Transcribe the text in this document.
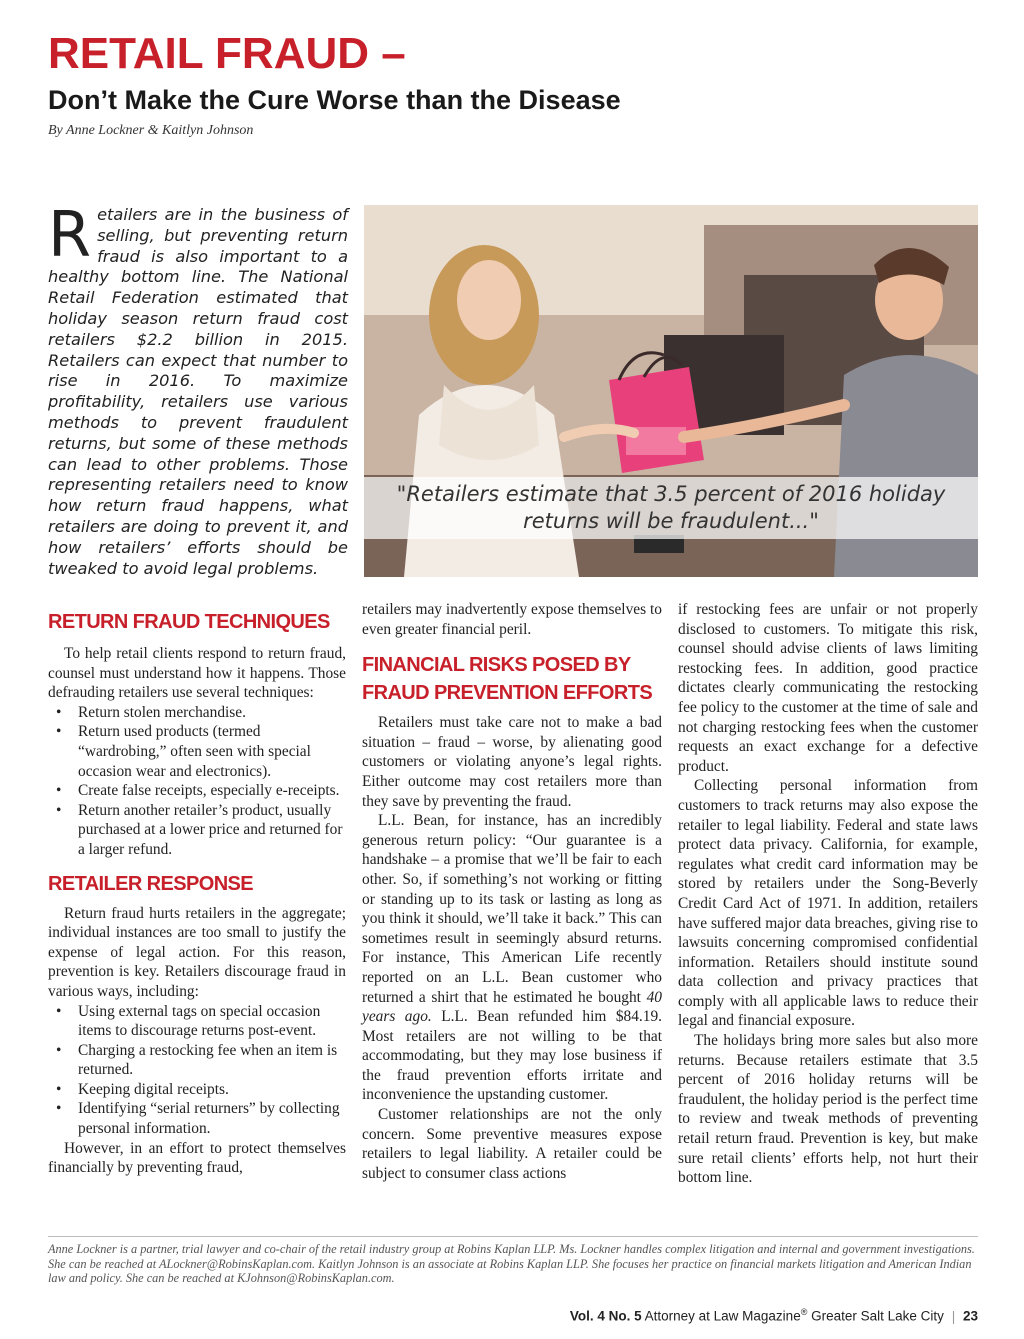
RETAIL FRAUD –
Don’t Make the Cure Worse than the Disease
By Anne Lockner & Kaitlyn Johnson
Retailers are in the business of selling, but preventing return fraud is also important to a healthy bottom line. The National Retail Federation estimated that holiday season return fraud cost retailers $2.2 billion in 2015. Retailers can expect that number to rise in 2016. To maximize profitability, retailers use various methods to prevent fraudulent returns, but some of these methods can lead to other problems. Those representing retailers need to know how return fraud happens, what retailers are doing to prevent it, and how retailers’ efforts should be tweaked to avoid legal problems.
"Retailers estimate that 3.5 percent of 2016 holiday returns will be fraudulent..."
RETURN FRAUD TECHNIQUES

To help retail clients respond to return fraud, counsel must understand how it happens. Those defrauding retailers use several techniques:

• Return stolen merchandise.
• Return used products (termed “wardrobing,” often seen with special occasion wear and electronics).
• Create false receipts, especially e-receipts.
• Return another retailer’s product, usually purchased at a lower price and returned for a larger refund.
RETAILER RESPONSE

Return fraud hurts retailers in the aggregate; individual instances are too small to justify the expense of legal action. For this reason, prevention is key. Retailers discourage fraud in various ways, including:

• Using external tags on special occasion items to discourage returns post-event.
• Charging a restocking fee when an item is returned.
• Keeping digital receipts.
• Identifying “serial returners” by collecting personal information.

However, in an effort to protect themselves financially by preventing fraud,

retailers may inadvertently expose themselves to even greater financial peril.

FINANCIAL RISKS POSED BY FRAUD PREVENTION EFFORTS

Retailers must take care not to make a bad situation – fraud – worse, by alienating good customers or violating anyone’s legal rights. Either outcome may cost retailers more than they save by preventing the fraud.

L.L. Bean, for instance, has an incredibly generous return policy: “Our guarantee is a handshake – a promise that we’ll be fair to each other. So, if something’s not working or fitting or standing up to its task or lasting as long as you think it should, we’ll take it back.” This can sometimes result in seemingly absurd returns. For instance, This American Life recently reported on an L.L. Bean customer who returned a shirt that he estimated he bought 40 years ago. L.L. Bean refunded him $84.19. Most retailers are not willing to be that accommodating, but they may lose business if the fraud prevention efforts irritate and inconvenience the upstanding customer.

Customer relationships are not the only concern. Some preventive measures expose retailers to legal liability. A retailer could be subject to consumer class actions

if restocking fees are unfair or not properly disclosed to customers. To mitigate this risk, counsel should advise clients of laws limiting restocking fees. In addition, good practice dictates clearly communicating the restocking fee policy to the customer at the time of sale and not charging restocking fees when the customer requests an exact exchange for a defective product.

Collecting personal information from customers to track returns may also expose the retailer to legal liability. Federal and state laws protect data privacy. California, for example, regulates what credit card information may be stored by retailers under the Song-Beverly Credit Card Act of 1971. In addition, retailers have suffered major data breaches, giving rise to lawsuits concerning compromised confidential information. Retailers should institute sound data collection and privacy practices that comply with all applicable laws to reduce their legal and financial exposure.

The holidays bring more sales but also more returns. Because retailers estimate that 3.5 percent of 2016 holiday returns will be fraudulent, the holiday period is the perfect time to review and tweak methods of preventing retail return fraud. Prevention is key, but make sure retail clients’ efforts help, not hurt their bottom line.

Anne Lockner is a partner, trial lawyer and co-chair of the retail industry group at Robins Kaplan LLP. Ms. Lockner handles complex litigation and internal and government investigations. She can be reached at ALockner@RobinsKaplan.com. Kaitlyn Johnson is an associate at Robins Kaplan LLP. She focuses her practice on financial markets litigation and American Indian law and policy. She can be reached at KJohnson@RobinsKaplan.com.
Vol. 4 No. 5 Attorney at Law Magazine® Greater Salt Lake City | 23
